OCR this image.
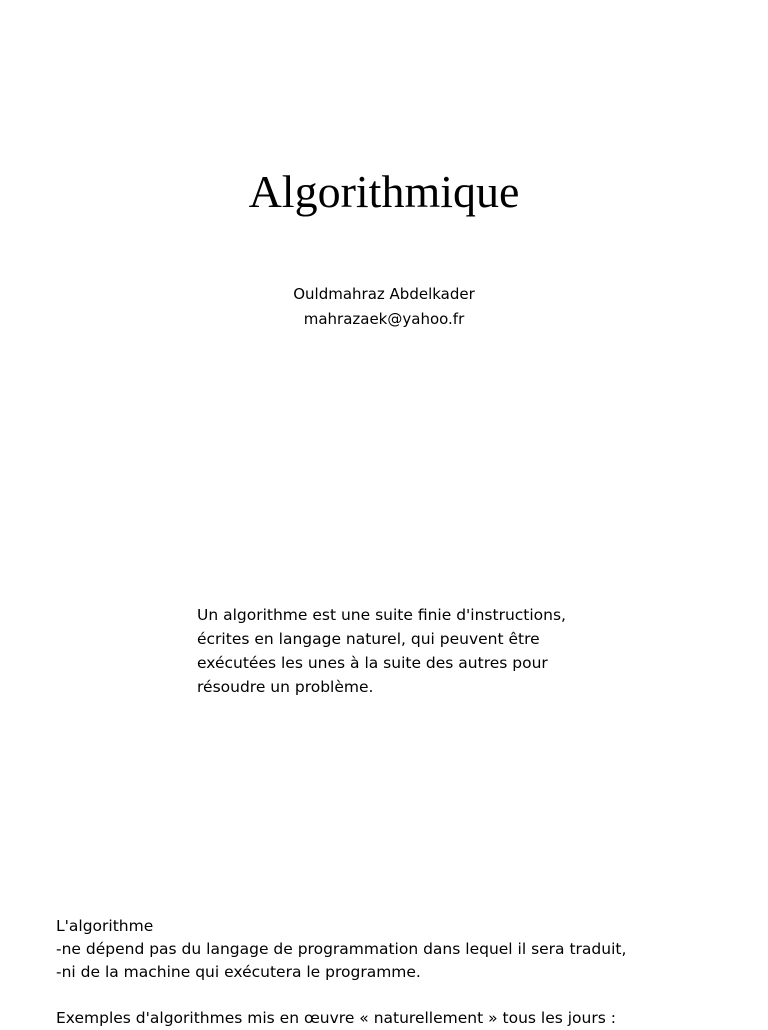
Algorithmique
Ouldmahraz Abdelkader
mahrazaek@yahoo.fr
Un algorithme est une suite finie d'instructions,
écrites en langage naturel, qui peuvent être
exécutées les unes à la suite des autres pour
résoudre un problème.
L'algorithme
-ne dépend pas du langage de programmation dans lequel il sera traduit,
-ni de la machine qui exécutera le programme.
Exemples d'algorithmes mis en œuvre « naturellement » tous les jours :
